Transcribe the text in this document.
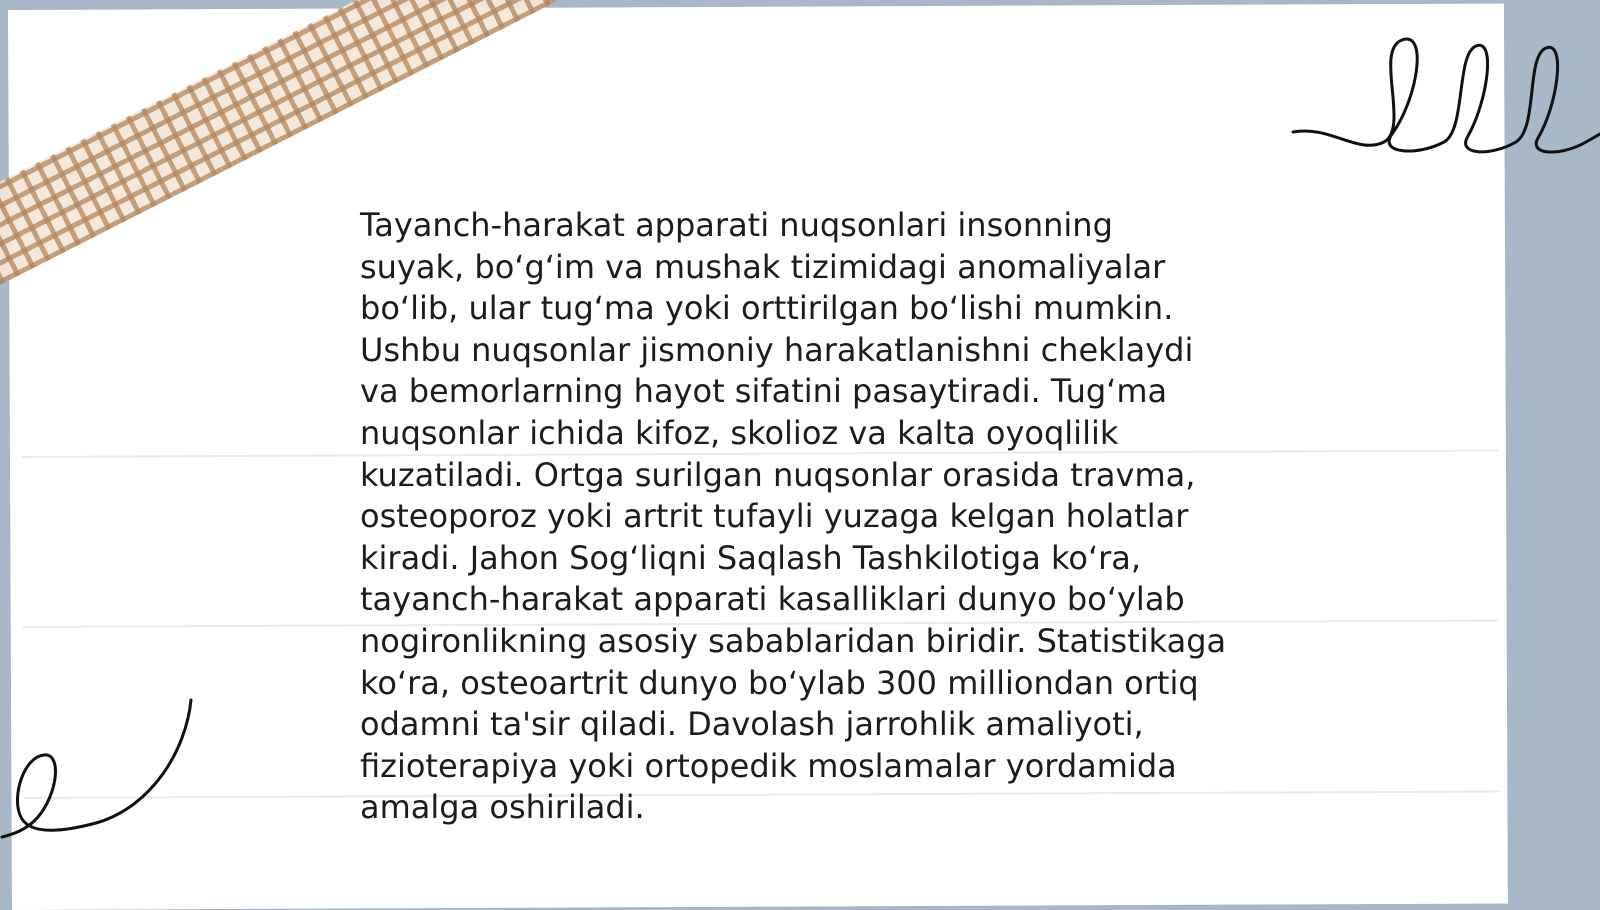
Tayanch-harakat apparati nuqsonlari insonning
suyak, boʻgʻim va mushak tizimidagi anomaliyalar
boʻlib, ular tugʻma yoki orttirilgan boʻlishi mumkin.
Ushbu nuqsonlar jismoniy harakatlanishni cheklaydi
va bemorlarning hayot sifatini pasaytiradi. Tugʻma
nuqsonlar ichida kifoz, skolioz va kalta oyoqlilik
kuzatiladi. Ortga surilgan nuqsonlar orasida travma,
osteoporoz yoki artrit tufayli yuzaga kelgan holatlar
kiradi. Jahon Sogʻliqni Saqlash Tashkilotiga koʻra,
tayanch-harakat apparati kasalliklari dunyo boʻylab
nogironlikning asosiy sabablaridan biridir. Statistikaga
koʻra, osteoartrit dunyo boʻylab 300 milliondan ortiq
odamni ta'sir qiladi. Davolash jarrohlik amaliyoti,
fizioterapiya yoki ortopedik moslamalar yordamida
amalga oshiriladi.
